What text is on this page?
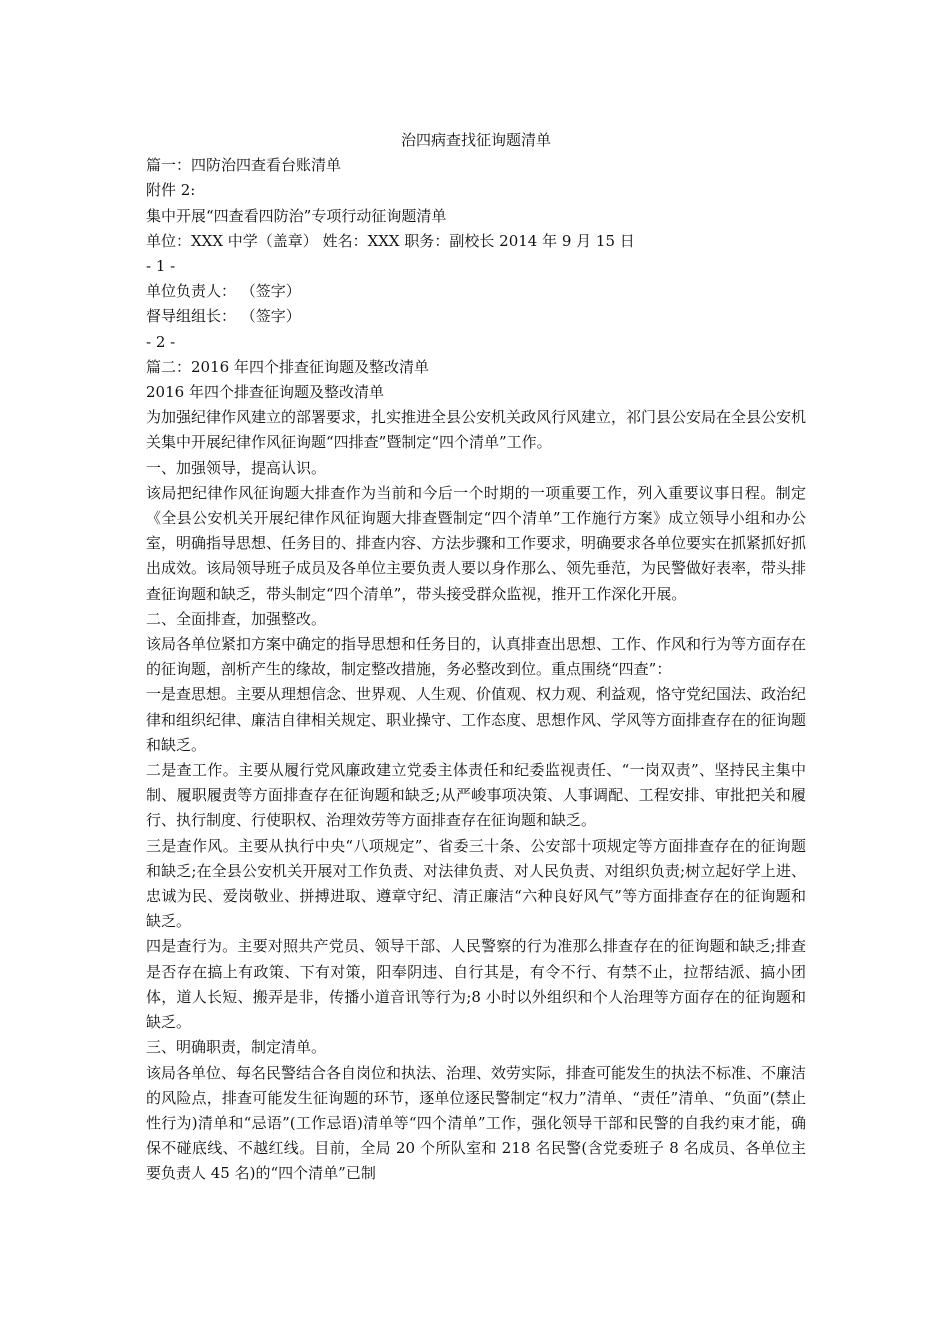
治四病查找征询题清单
篇一：四防治四查看台账清单
附件 2:
集中开展“四查看四防治”专项行动征询题清单
单位：XXX 中学（盖章） 姓名：XXX 职务：副校长 2014 年 9 月 15 日
- 1 -
单位负责人： （签字）
督导组组长： （签字）
- 2 -
篇二：2016 年四个排查征询题及整改清单
2016 年四个排查征询题及整改清单
为加强纪律作风建立的部署要求，扎实推进全县公安机关政风行风建立，祁门县公安局在全县公安机关集中开展纪律作风征询题“四排查”暨制定“四个清单”工作。
一、加强领导，提高认识。
该局把纪律作风征询题大排查作为当前和今后一个时期的一项重要工作，列入重要议事日程。制定《全县公安机关开展纪律作风征询题大排查暨制定“四个清单”工作施行方案》成立领导小组和办公室，明确指导思想、任务目的、排查内容、方法步骤和工作要求，明确要求各单位要实在抓紧抓好抓出成效。该局领导班子成员及各单位主要负责人要以身作那么、领先垂范，为民警做好表率，带头排查征询题和缺乏，带头制定“四个清单”，带头接受群众监视，推开工作深化开展。
二、全面排查，加强整改。
该局各单位紧扣方案中确定的指导思想和任务目的，认真排查出思想、工作、作风和行为等方面存在的征询题，剖析产生的缘故，制定整改措施，务必整改到位。重点围绕“四查”：
一是查思想。主要从理想信念、世界观、人生观、价值观、权力观、利益观，恪守党纪国法、政治纪律和组织纪律、廉洁自律相关规定、职业操守、工作态度、思想作风、学风等方面排查存在的征询题和缺乏。
二是查工作。主要从履行党风廉政建立党委主体责任和纪委监视责任、“一岗双责”、坚持民主集中制、履职履责等方面排查存在征询题和缺乏;从严峻事项决策、人事调配、工程安排、审批把关和履行、执行制度、行使职权、治理效劳等方面排查存在征询题和缺乏。
三是查作风。主要从执行中央“八项规定”、省委三十条、公安部十项规定等方面排查存在的征询题和缺乏;在全县公安机关开展对工作负责、对法律负责、对人民负责、对组织负责;树立起好学上进、忠诚为民、爱岗敬业、拼搏进取、遵章守纪、清正廉洁“六种良好风气”等方面排查存在的征询题和缺乏。
四是查行为。主要对照共产党员、领导干部、人民警察的行为准那么排查存在的征询题和缺乏;排查是否存在搞上有政策、下有对策，阳奉阴违、自行其是，有令不行、有禁不止，拉帮结派、搞小团体，道人长短、搬弄是非，传播小道音讯等行为;8 小时以外组织和个人治理等方面存在的征询题和缺乏。
三、明确职责，制定清单。
该局各单位、每名民警结合各自岗位和执法、治理、效劳实际，排查可能发生的执法不标准、不廉洁的风险点，排查可能发生征询题的环节，逐单位逐民警制定“权力”清单、“责任”清单、“负面”(禁止性行为)清单和“忌语”(工作忌语)清单等“四个清单”工作，强化领导干部和民警的自我约束才能，确保不碰底线、不越红线。目前，全局 20 个所队室和 218 名民警(含党委班子 8 名成员、各单位主要负责人 45 名)的“四个清单”已制
